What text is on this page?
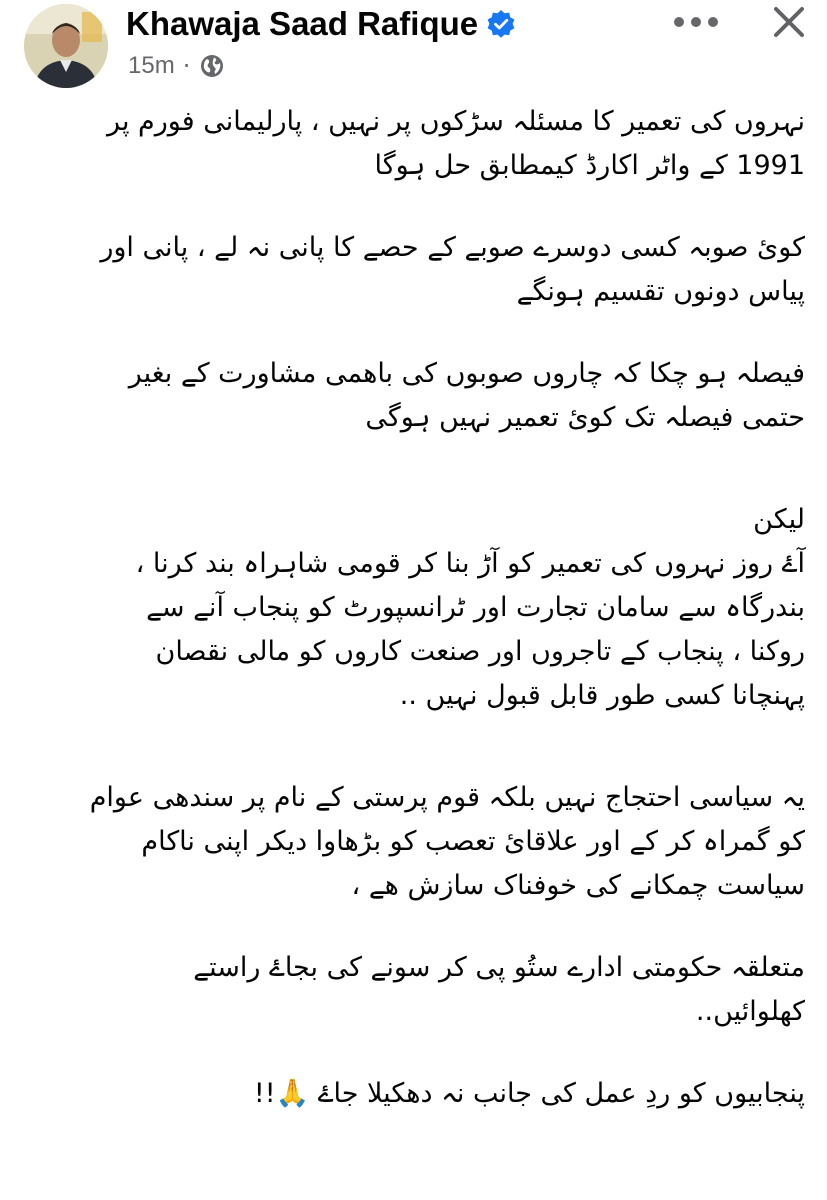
Khawaja Saad Rafique
15m ·

نہروں کی تعمیر کا مسئلہ سڑکوں پر نہیں ، پارلیمانی فورم پر
1991 کے واٹر اکارڈ کیمطابق حل ہوگا

کوئ صوبہ کسی دوسرے صوبے کے حصے کا پانی نہ لے ، پانی اور
پیاس دونوں تقسیم ہونگے

فیصلہ ہو چکا کہ چاروں صوبوں کی باھمی مشاورت کے بغیر
حتمی فیصلہ تک کوئ تعمیر نہیں ہوگی

لیکن
آۓ روز نہروں کی تعمیر کو آڑ بنا کر قومی شاہراہ بند کرنا ،
بندرگاہ سے سامان تجارت اور ٹرانسپورٹ کو پنجاب آنے سے
روکنا ، پنجاب کے تاجروں اور صنعت کاروں کو مالی نقصان
پہنچانا کسی طور قابل قبول نہیں ..

یہ سیاسی احتجاج نہیں بلکہ قوم پرستی کے نام پر سندھی عوام
کو گمراہ کر کے اور علاقائ تعصب کو بڑھاوا دیکر اپنی ناکام
سیاست چمکانے کی خوفناک سازش ھے ،

متعلقہ حکومتی ادارے ستُو پی کر سونے کی بجاۓ راستے
کھلوائیں..

پنجابیوں کو ردِ عمل کی جانب نہ دھکیلا جاۓ 🙏!!
